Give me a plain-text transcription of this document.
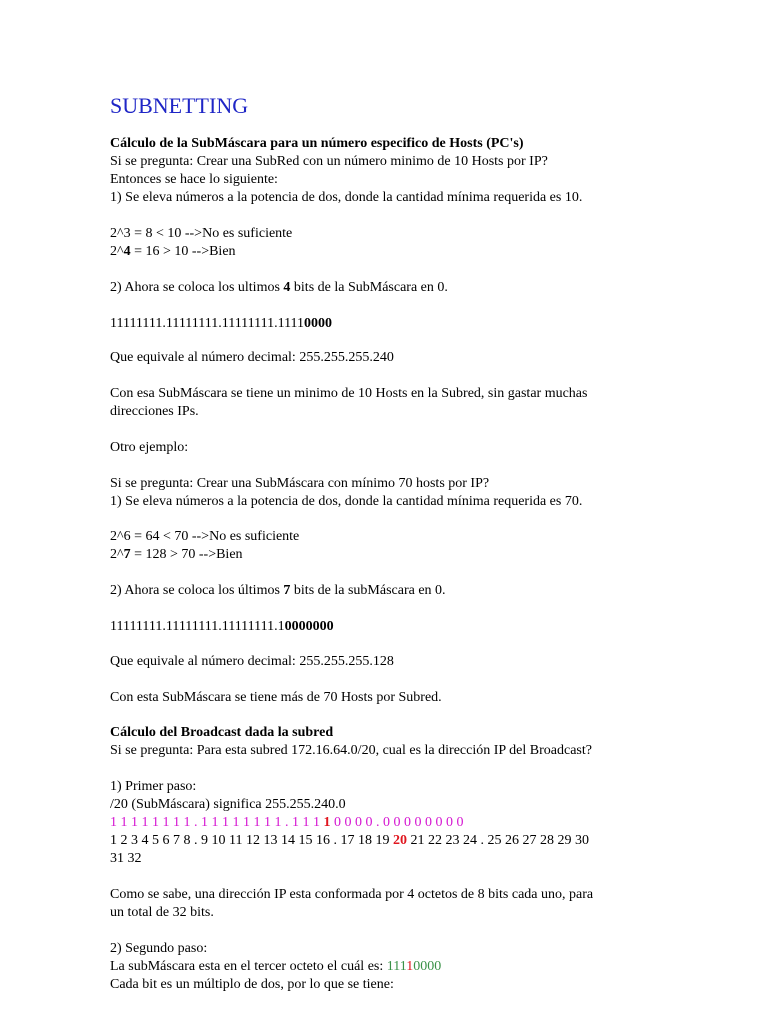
SUBNETTING

Cálculo de la SubMáscara para un número especifico de Hosts (PC's)

Si se pregunta: Crear una SubRed con un número minimo de 10 Hosts por IP?

Entonces se hace lo siguiente:

1) Se eleva números a la potencia de dos, donde la cantidad mínima requerida es 10.

2^3 = 8 < 10 -->No es suficiente

2^4 = 16 > 10 -->Bien

2) Ahora se coloca los ultimos 4 bits de la SubMáscara en 0.

11111111.11111111.11111111.11110000

Que equivale al número decimal: 255.255.255.240

Con esa SubMáscara se tiene un minimo de 10 Hosts en la Subred, sin gastar muchas

direcciones IPs.

Otro ejemplo:

Si se pregunta: Crear una SubMáscara con mínimo 70 hosts por IP?

1) Se eleva números a la potencia de dos, donde la cantidad mínima requerida es 70.

2^6 = 64 < 70 -->No es suficiente

2^7 = 128 > 70 -->Bien

2) Ahora se coloca los últimos 7 bits de la subMáscara en 0.

11111111.11111111.11111111.10000000

Que equivale al número decimal: 255.255.255.128

Con esta SubMáscara se tiene más de 70 Hosts por Subred.

Cálculo del Broadcast dada la subred

Si se pregunta: Para esta subred 172.16.64.0/20, cual es la dirección IP del Broadcast?

1) Primer paso:

/20 (SubMáscara) significa 255.255.240.0

1 1 1 1 1 1 1 1 . 1 1 1 1 1 1 1 1 . 1 1 1 1 0 0 0 0 . 0 0 0 0 0 0 0 0

1 2 3 4 5 6 7 8 . 9 10 11 12 13 14 15 16 . 17 18 19 20 21 22 23 24 . 25 26 27 28 29 30

31 32

Como se sabe, una dirección IP esta conformada por 4 octetos de 8 bits cada uno, para

un total de 32 bits.

2) Segundo paso:

La subMáscara esta en el tercer octeto el cuál es: 11110000

Cada bit es un múltiplo de dos, por lo que se tiene:
